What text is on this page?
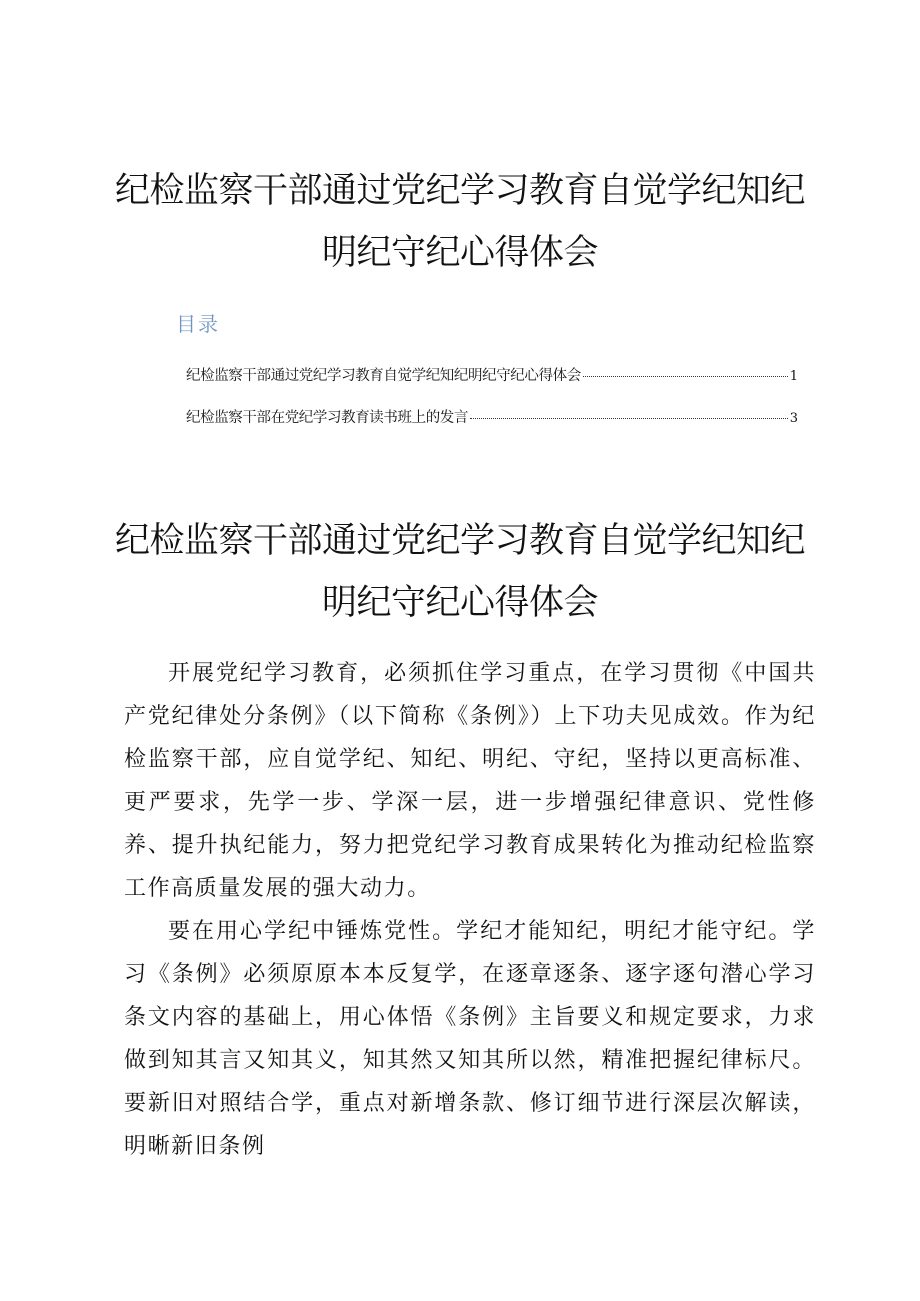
纪检监察干部通过党纪学习教育自觉学纪知纪
明纪守纪心得体会
目录
纪检监察干部通过党纪学习教育自觉学纪知纪明纪守纪心得体会	1
纪检监察干部在党纪学习教育读书班上的发言	3
纪检监察干部通过党纪学习教育自觉学纪知纪
明纪守纪心得体会

开展党纪学习教育，必须抓住学习重点，在学习贯彻《中国共产党纪律处分条例》（以下简称《条例》）上下功夫见成效。作为纪检监察干部，应自觉学纪、知纪、明纪、守纪，坚持以更高标准、更严要求，先学一步、学深一层，进一步增强纪律意识、党性修养、提升执纪能力，努力把党纪学习教育成果转化为推动纪检监察工作高质量发展的强大动力。

要在用心学纪中锤炼党性。学纪才能知纪，明纪才能守纪。学习《条例》必须原原本本反复学，在逐章逐条、逐字逐句潜心学习条文内容的基础上，用心体悟《条例》主旨要义和规定要求，力求做到知其言又知其义，知其然又知其所以然，精准把握纪律标尺。要新旧对照结合学，重点对新增条款、修订细节进行深层次解读，明晰新旧条例
